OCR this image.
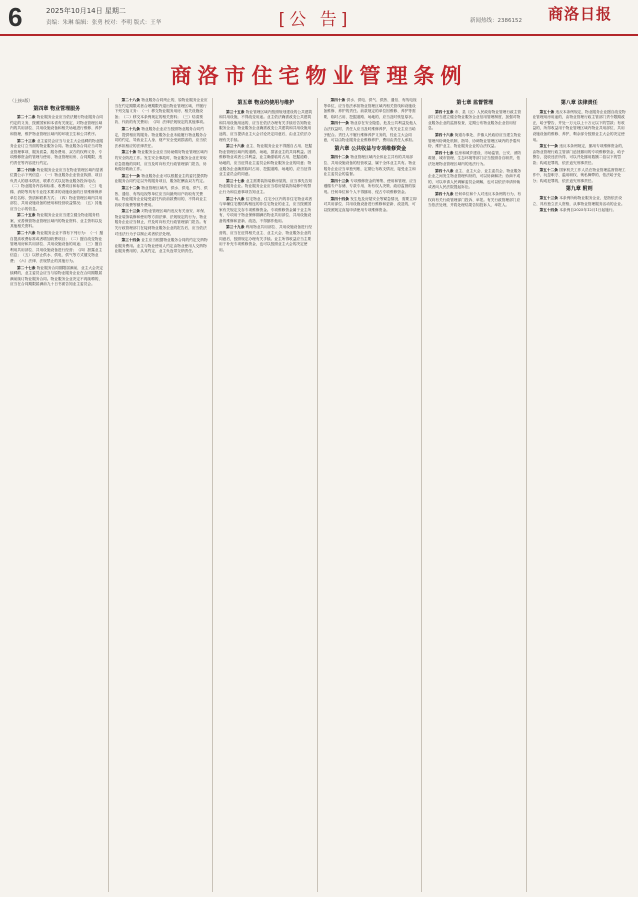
6	2025年10月14日 星期二
责编：朱琳 编辑：张勇 校对：李明 版式：王华	[公 告]	新闻热线：2386152 商洛日报
商洛市住宅物业管理条例

（上接5版）

第四章 物业管理服务

第二十二条 物业服务企业应当依法履行物业服务合同约定的义务，按照国家和本省有关规定，对物业管理区域内的共用部位、共用设施设备和相关场地进行维修、养护和管理，维护物业管理区域内的环境卫生和公共秩序。

第二十三条 业主委员会应当与业主大会选聘的物业服务企业订立书面的物业服务合同。物业服务合同应当对物业管理事项、服务质量、服务费用、双方的权利义务、专项维修资金的管理与使用、物业管理用房、合同期限、违约责任等内容进行约定。

第二十四条 物业服务企业应当在物业管理区域内显著位置公示下列信息：（一）物业服务企业营业执照、项目负责人的基本情况、联系方式以及物业服务投诉电话；（二）物业服务内容和标准、收费项目和标准；（三）电梯、消防等具有专业技术要求的设施设备的日常维修保养单位名称、资质和联系方式；（四）物业管理区域内共用部位、共用设施设备的使用和经营收益情况；（五）其他应当公示的信息。

第二十五条 物业服务企业应当建立健全物业服务档案，妥善保管物业管理区域内的物业资料、业主资料以及其他相关资料。

第二十六条 物业服务企业不得有下列行为：（一）擅自提高收费标准或者增加收费项目；（二）擅自改变物业管理用房和共用部位、共用设施设备的用途；（三）擅自利用共用部位、共用设施设备进行经营；（四）泄露业主信息；（五）以停止供水、供电、供气等方式催交物业费；（六）法律、法规禁止的其他行为。

第二十七条 物业服务合同期限届满前，业主大会决定续聘的，业主委员会应当与原物业服务企业在合同期限届满前续订物业服务合同。物业服务企业决定不再续聘的，应当在合同期限届满前九十日书面告知业主委员会。

第二十八条 物业服务合同终止的，原物业服务企业应当在约定期限或者合理期限内退出物业管理区域，并履行下列交接义务：（一）移交物业服务用房、相关设施设备；（二）移交本条例规定的相关资料；（三）结清预收、代收的有关费用；（四）法律法规规定的其他事项。

第二十九条 物业服务企业应当按照物业服务合同约定，提供相应的服务。物业服务企业未能履行物业服务合同的约定，导致业主人身、财产安全受到损害的，应当依法承担相应的法律责任。

第三十条 物业服务企业应当协助做好物业管理区域内的安全防范工作。发生安全事故时，物业服务企业在采取应急措施的同时，应当及时向有关行政管理部门报告，协助做好救助工作。

第三十一条 物业服务企业可以根据业主的委托提供物业服务合同约定以外的服务项目，服务报酬由双方约定。

第三十二条 物业管理区域内，供水、供电、供气、供热、通信、有线电视等单位应当向最终用户收取有关费用。物业服务企业接受委托代收前款费用的，不得向业主收取手续费等额外费用。

第三十三条 对物业管理区域内违反有关治安、环保、物业装饰装修和使用等方面法律、法规规定的行为，物业服务企业应当制止，并及时向有关行政管理部门报告。有关行政管理部门在接到物业服务企业的报告后，应当依法对违法行为予以制止或者依法处理。

第三十四条 业主应当根据物业服务合同的约定交纳物业服务费用。业主与物业使用人约定由物业使用人交纳物业服务费用的，从其约定，业主负连带交纳责任。

第五章 物业的使用与维护

第三十五条 物业管理区域内按照规划建设的公共建筑和共用设施，不得改变用途。业主依法确需改变公共建筑和共用设施用途的，应当在依法办理有关手续后告知物业服务企业；物业服务企业确需改变公共建筑和共用设施用途的，应当提请业主大会讨论决定同意后，由业主依法办理有关手续。

第三十六条 业主、物业服务企业不得擅自占用、挖掘物业管理区域内的道路、场地，损害业主的共同利益。因维修物业或者公共利益，业主确需临时占用、挖掘道路、场地的，应当征得业主委员会和物业服务企业的同意；物业服务企业确需临时占用、挖掘道路、场地的，应当征得业主委员会的同意。

第三十七条 业主需要装饰装修房屋的，应当事先告知物业服务企业。物业服务企业应当将房屋装饰装修中的禁止行为和注意事项告知业主。

第三十八条 住宅物业、住宅小区内的非住宅物业或者与单幢住宅楼结构相连的非住宅物业的业主，应当按照国家有关规定交存专项维修资金。专项维修资金属于业主所有，专项用于物业保修期满后物业共用部位、共用设施设备的维修和更新、改造，不得挪作他用。

第三十九条 利用物业共用部位、共用设施设备进行经营的，应当在征得相关业主、业主大会、物业服务企业的同意后，按照规定办理有关手续。业主所得收益应当主要用于补充专项维修资金，也可以按照业主大会的决定使用。

第四十条 供水、供电、供气、供热、通信、有线电视等单位，应当依法承担物业管理区域内相关管线和设施设备维修、养护的责任。前款规定的单位因维修、养护等需要，临时占用、挖掘道路、场地的，应当及时恢复原状。

第四十一条 物业存在安全隐患，危及公共利益及他人合法权益时，责任人应当及时维修养护，有关业主应当给予配合。责任人不履行维修养护义务的，经业主大会同意，可以由物业服务企业维修养护，费用由责任人承担。

第六章 公共收益与专项维修资金

第四十二条 物业管理区域内全体业主共有的共用部位、共用设施设备的经营收益，属于全体业主共有。物业服务企业应当单独列账，定期公布收支情况，接受业主和业主委员会的监督。

第四十三条 专项维修资金的筹集、使用和管理，应当遵循专户存储、专款专用、所有权人决策、政府监督的原则。任何单位和个人不得挪用、侵占专项维修资金。

第四十四条 发生危及房屋安全等紧急情况，需要立即对共用部位、共用设施设备进行维修和更新、改造的，可以按照规定直接申请使用专项维修资金。

第七章 监督管理

第四十五条 市、县（区）人民政府物业管理行政主管部门应当建立健全物业服务企业信用管理制度，加强对物业服务企业的监督检查，定期公布物业服务企业信用信息。

第四十六条 街道办事处、乡镇人民政府应当建立物业管理纠纷调处机制，指导、协调物业管理区域内的矛盾纠纷，维护业主、物业服务企业的合法权益。

第四十七条 住房和城乡建设、市场监管、公安、消防救援、城市管理、生态环境等部门应当按照各自职责，依法处理物业管理区域内的违法行为。

第四十八条 业主、业主大会、业主委员会、物业服务企业之间发生物业管理纠纷的，可以协商解决；协商不成的，可以申请人民调解委员会调解，也可以依法申请仲裁或者向人民法院提起诉讼。

第四十九条 任何单位和个人对违反本条例的行为，有权向有关行政管理部门投诉、举报。有关行政管理部门应当依法处理，并将处理结果告知投诉人、举报人。

第八章 法律责任

第五十条 违反本条例规定，物业服务企业擅自改变物业管理用房用途的，由物业管理行政主管部门责令限期改正，给予警告，并处一万元以上十万元以下的罚款；有收益的，所得收益用于物业管理区域内物业共用部位、共用设施设备的维修、养护，剩余部分按照业主大会的决定使用。

第五十一条 违反本条例规定，挪用专项维修资金的，由物业管理行政主管部门追回挪用的专项维修资金，给予警告，没收违法所得，可以并处挪用数额二倍以下的罚款；构成犯罪的，依法追究刑事责任。

第五十二条 国家机关工作人员在物业管理监督管理工作中，玩忽职守、滥用职权、徇私舞弊的，依法给予处分；构成犯罪的，依法追究刑事责任。

第九章 附则

第五十三条 本条例所称物业服务企业，是指依法设立、具有独立法人资格，从事物业管理服务活动的企业。

第五十四条 本条例自2025年12月1日起施行。
